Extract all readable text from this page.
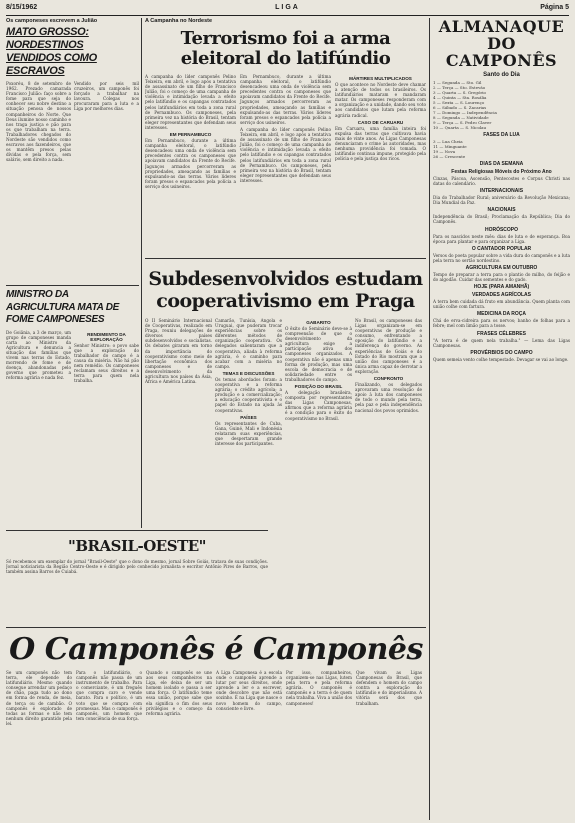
8/15/1962	LIGA	Página 5

Os camponeses escrevem a Julião

MATO GROSSO: NORDESTINOS VENDIDOS COMO ESCRAVOS

Poxoréu, 8 de setembro de 1962. Prezado camarada Francisco Julião: faço sobre a fome para que seja do conhecer seu nobre destino a situação penosa de nossos companheiros do Norte. Que Deus ilumine nosso caminho e nos traga justiça e pão para os que trabalham na terra. Trabalhadores chegados do Nordeste são vendidos como escravos aos fazendeiros, que os mantêm presos pelas dívidas e pela força, sem salário, sem direito a nada.

Vendido por seis mil cruzeiros, um camponês foi forçado a trabalhar na lavoura. Colegas nos procuraram para a luta e a Liga por melhores dias.

MINISTRO DA AGRICULTURA MATA DE FOME CAMPONESES

De Goiânia, a 3 de março, um grupo de camponeses manda carta ao Ministro da Agricultura e denuncia a situação das famílias que vivem nas terras do Estado, morrendo de fome e de doença, abandonadas pelo governo que prometeu a reforma agrária e nada fez.

RENDIMENTO DA EXPLORAÇÃO

Senhor Ministro: o povo sabe que a exploração do trabalhador do campo é a causa da miséria. Não há pão nem remédio. Os camponeses reclamam seus direitos e a terra para quem nela trabalha.

"BRASIL-OESTE"

Só recebemos um exemplar do jornal "Brasil-Oeste" que o dono do mesmo, jornal Sobre Goiás, tratava de suas condições. Jornal noticiarista da Região Centro-Oeste e é dirigido pelo conhecido jornalista e escritor Antônio Pires de Barros, que também assina Barros de Cuiabá.

A Campanha no Nordeste

Terrorismo foi a arma eleitoral do latifúndio

A campanha do líder camponês Pelino Teixeira, em abril, e logo após a tentativa de assassinato de um filho de Francisco Julião, foi o começo de uma campanha de violência e intimidação levada a efeito pelo latifúndio e os capangas contratados pelos latifundiários em toda a zona rural de Pernambuco. Os camponeses, pela primeira vez na história do Brasil, tentam eleger representantes que defendam seus interesses.

EM PERNAMBUCO

Em Pernambuco, durante a última campanha eleitoral, o latifúndio desencadeou uma onda de violência sem precedentes contra os camponeses que apoiavam candidatos da Frente do Recife. Jagunços armados percorreram as propriedades, ameaçando as famílias e expulsando-as das terras. Vários líderes foram presos e espancados pela polícia a serviço dos usineiros.

Em Pernambuco, durante a última campanha eleitoral, o latifúndio desencadeou uma onda de violência sem precedentes contra os camponeses que apoiavam candidatos da Frente do Recife. Jagunços armados percorreram as propriedades, ameaçando as famílias e expulsando-as das terras. Vários líderes foram presos e espancados pela polícia a serviço dos usineiros.

A campanha do líder camponês Pelino Teixeira, em abril, e logo após a tentativa de assassinato de um filho de Francisco Julião, foi o começo de uma campanha de violência e intimidação levada a efeito pelo latifúndio e os capangas contratados pelos latifundiários em toda a zona rural de Pernambuco. Os camponeses, pela primeira vez na história do Brasil, tentam eleger representantes que defendam seus interesses.

MÁRTIRES MULTIPLICADOS

O que acontece no Nordeste deve chamar a atenção de todos os brasileiros. Os latifundiários mataram e mandaram matar. Os camponeses responderam com a organização e a unidade, dando seu voto aos candidatos que lutam pela reforma agrária radical.

CASO DE CARUARU

Em Caruaru, uma família inteira foi expulsa das terras que cultivava havia mais de vinte anos. As Ligas Camponesas denunciaram o crime às autoridades, mas nenhuma providência foi tomada. O latifúndio continua impune, protegido pela polícia e pela justiça dos ricos.

Subdesenvolvidos estudam cooperativismo em Praga

O II Seminário Internacional de Cooperativas, realizado em Praga, reuniu delegações de diversos países subdesenvolvidos e socialistas. Os debates giraram em torno da importância do cooperativismo como meio de libertação econômica dos camponeses e de desenvolvimento da agricultura nos países da Ásia, África e América Latina.

Camarão, Tunísia, Angola e Uruguai, que puderam trocar experiências sobre os diferentes métodos de organização cooperativa. Os delegados salientaram que a cooperativa, aliada à reforma agrária, é o caminho para acabar com a miséria no campo.

TEMAS E DISCUSSÕES

Os temas abordados foram: a cooperativa e a reforma agrária; o crédito agrícola; a produção e a comercialização; a educação cooperativista e o papel do Estado na ajuda às cooperativas.

PAÍSES

Os representantes de Cuba, Gana, Guiné, Mali e Indonésia relataram suas experiências, que despertaram grande interesse dos participantes.

GABARITO

O êxito do Seminário deve-se à compreensão de que o desenvolvimento da agricultura exige a participação ativa dos camponeses organizados. A cooperativa não é apenas uma forma de produção, mas uma escola de democracia e de solidariedade entre os trabalhadores do campo.

POSIÇÃO DO BRASIL

A delegação brasileira, composta por representantes das Ligas Camponesas, afirmou que a reforma agrária é a condição para o êxito do cooperativismo no Brasil.

No Brasil, os camponeses das Ligas organizam-se em cooperativas de produção e consumo, enfrentando a oposição do latifúndio e a indiferença do governo. As experiências de Goiás e do Estado do Rio mostram que a união dos camponeses é a única arma capaz de derrotar a exploração.

CONFRONTO

Finalizando, os delegados aprovaram uma resolução de apoio à luta dos camponeses de todo o mundo pela terra, pela paz e pela independência nacional dos povos oprimidos.

O Camponês é Camponês

Se um camponês não tem terra, ele depende do latifundiário. Mesmo quando consegue arrendar um pedaço de chão, paga tudo ao dono em forma de renda, de meia, de terça ou de cambão. O camponês é explorado de todas as formas e não tem nenhum direito garantido pela lei.

Para o latifundiário, o camponês não passa de um instrumento de trabalho. Para o comerciante, é um freguês que compra caro e vende barato. Para o político, é um voto que se compra com promessas. Mas o camponês é camponês, um homem que tem consciência de sua força.

Quando o camponês se une aos seus companheiros na Liga, ele deixa de ser um homem isolado e passa a ser uma força. O latifúndio teme essa união, porque sabe que ela significa o fim dos seus privilégios e o começo da reforma agrária.

A Liga Camponesa é a escola onde o camponês aprende a lutar por seus direitos, onde aprende a ler e a escrever, onde descobre que não está sozinho. É na Liga que nasce o novo homem do campo, consciente e livre.

Por isso, companheiros, organizem-se nas Ligas, lutem pela terra e pela reforma agrária. O camponês é camponês e a terra é de quem nela trabalha. Viva a união dos camponeses!

Que vivam as Ligas Camponesas do Brasil, que defendem o homem do campo contra a exploração do latifúndio e do imperialismo. A vitória será dos que trabalham.

ALMANAQUE

DO CAMPONÊS

Santo do Dia

1 — Segunda — Sto. Gil

2 — Terça — Sto. Estevão

3 — Quarta — S. Gregório

4 — Quinta — Sta. Rosália

5 — Sexta — S. Lourenço

6 — Sábado — S. Zacarias

7 — Domingo — Independência

8 — Segunda — Natividade

9 — Terça — S. Pedro Claver

10 — Quarta — S. Nicolau

FASES DA LUA

3 — Lua Cheia

11 — Minguante

19 — Nova

26 — Crescente

DIAS DA SEMANA

Festas Religiosas Móveis do Próximo Ano

Cinzas, Páscoa, Ascensão, Pentecostes e Corpus Christi nas datas do calendário.

INTERNACIONAIS

Dia do Trabalhador Rural; aniversário da Revolução Mexicana; Dia Mundial da Paz.

NACIONAIS

Independência do Brasil; Proclamação da República; Dia do Camponês.

HORÓSCOPO

Para os nascidos neste mês: dias de luta e de esperança. Boa época para plantar e para organizar a Liga.

O CANTADOR POPULAR

Versos do poeta popular sobre a vida dura do camponês e a luta pela terra no sertão nordestino.

AGRICULTURA EM OUTUBRO

Tempo de preparar a terra para o plantio do milho, do feijão e do algodão. Cuidar das sementes e do gado.

HOJE (PARA AMANHÃ)

VERDADES AGRÍCOLAS

A terra bem cuidada dá fruto em abundância. Quem planta com união colhe com fartura.

MEDICINA DA ROÇA

Chá de erva-cidreira para os nervos; banho de folhas para a febre; mel com limão para a tosse.

FRASES CÉLEBRES

"A terra é de quem nela trabalha." — Lema das Ligas Camponesas.

PROVÉRBIOS DO CAMPO

Quem semeia vento colhe tempestade. Devagar se vai ao longe.
